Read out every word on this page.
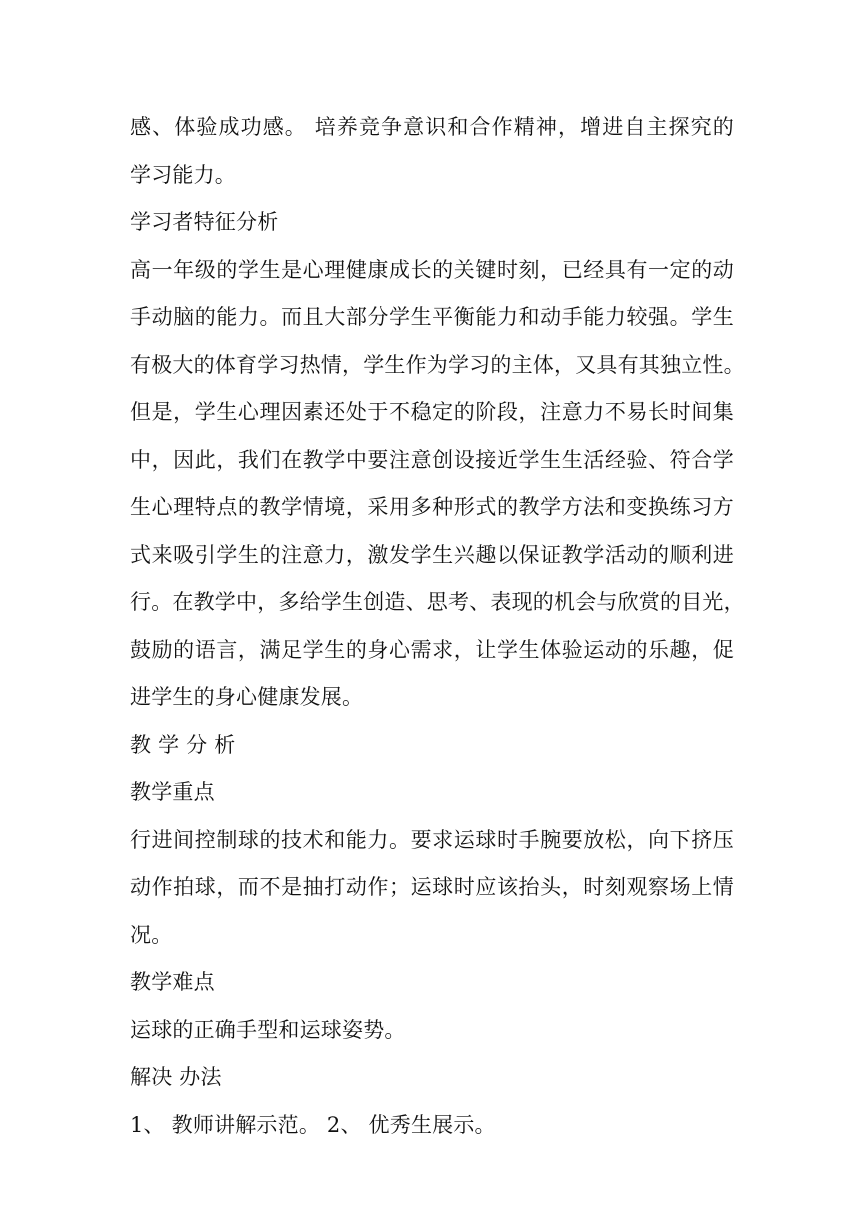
感、体验成功感。 培养竞争意识和合作精神，增进自主探究的
学习能力。
学习者特征分析
高一年级的学生是心理健康成长的关键时刻，已经具有一定的动
手动脑的能力。而且大部分学生平衡能力和动手能力较强。学生
有极大的体育学习热情，学生作为学习的主体，又具有其独立性。
但是，学生心理因素还处于不稳定的阶段，注意力不易长时间集
中，因此，我们在教学中要注意创设接近学生生活经验、符合学
生心理特点的教学情境，采用多种形式的教学方法和变换练习方
式来吸引学生的注意力，激发学生兴趣以保证教学活动的顺利进
行。在教学中，多给学生创造、思考、表现的机会与欣赏的目光，
鼓励的语言，满足学生的身心需求，让学生体验运动的乐趣，促
进学生的身心健康发展。
教 学 分 析
教学重点
行进间控制球的技术和能力。要求运球时手腕要放松，向下挤压
动作拍球，而不是抽打动作；运球时应该抬头，时刻观察场上情
况。
教学难点
运球的正确手型和运球姿势。
解决 办法
1、 教师讲解示范。 2、 优秀生展示。
